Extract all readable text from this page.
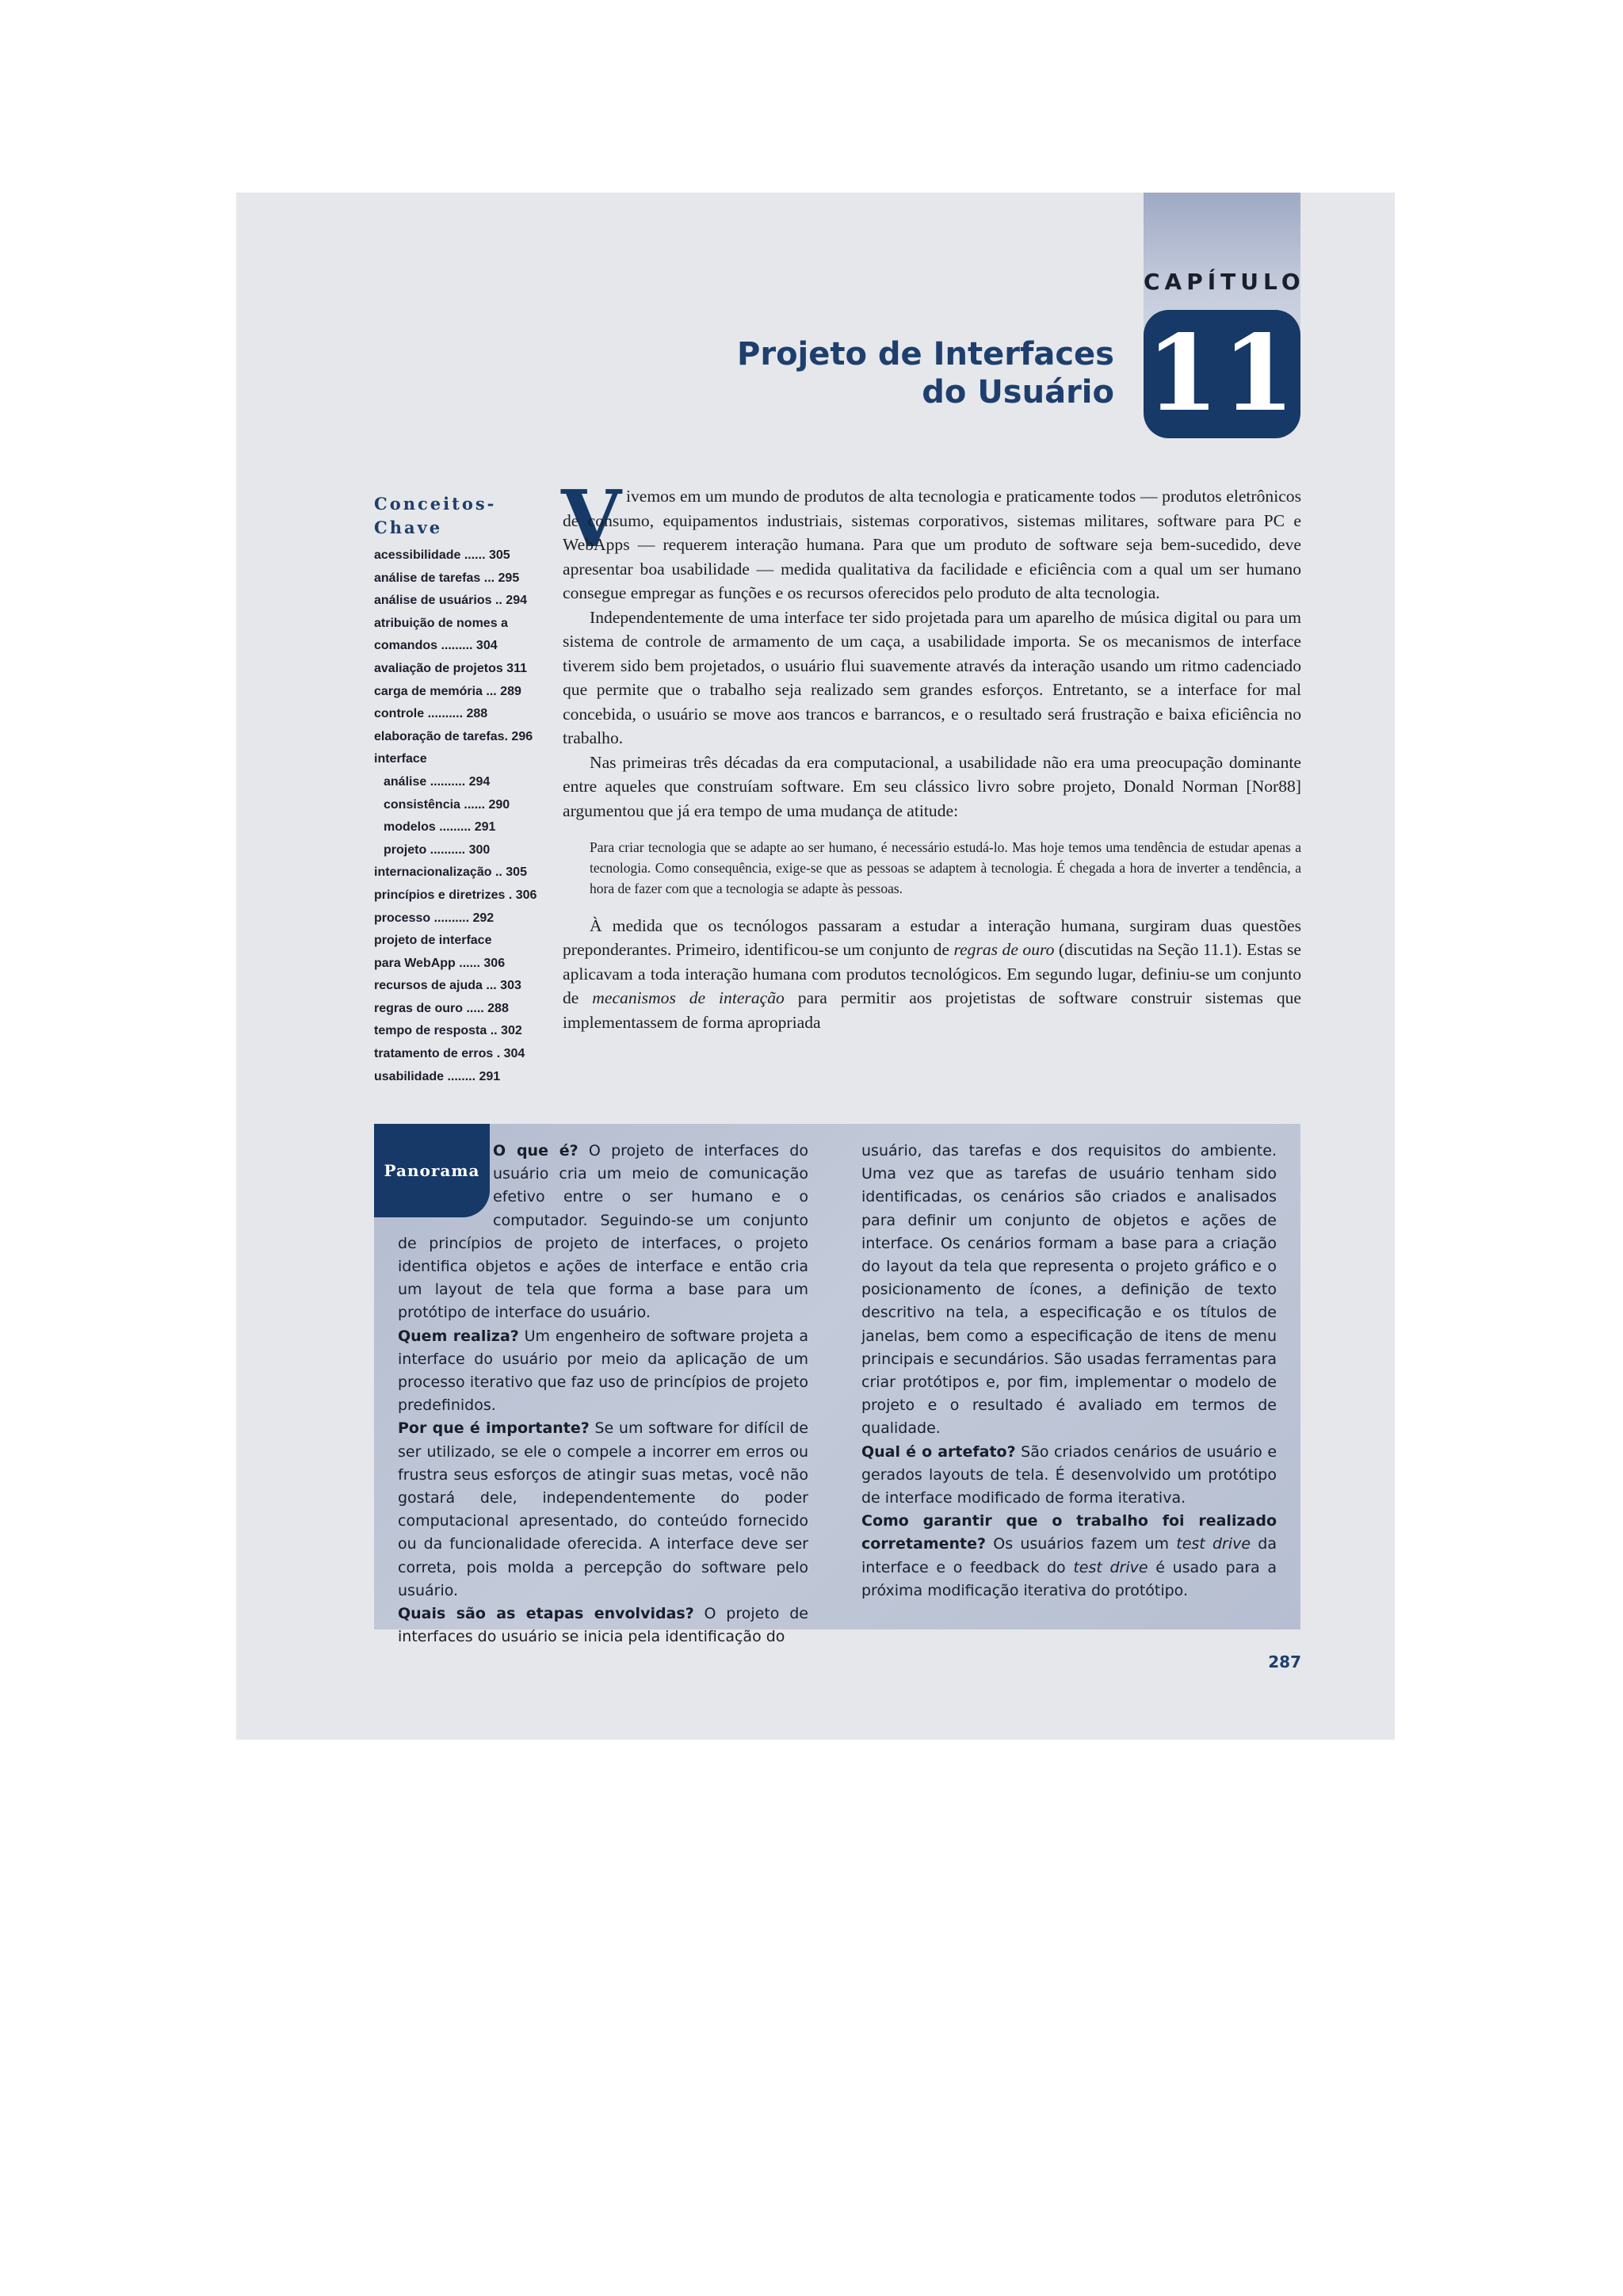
CAPÍTULO
11
Projeto de Interfaces
do Usuário
Conceitos-Chave
acessibilidade ...... 305
análise de tarefas ... 295
análise de usuários .. 294
atribuição de nomes a
comandos ......... 304
avaliação de projetos 311
carga de memória ... 289
controle .......... 288
elaboração de tarefas. 296
interface
análise .......... 294
consistência ...... 290
modelos ......... 291
projeto .......... 300
internacionalização .. 305
princípios e diretrizes . 306
processo .......... 292
projeto de interface
para WebApp ...... 306
recursos de ajuda ... 303
regras de ouro ..... 288
tempo de resposta .. 302
tratamento de erros . 304
usabilidade ........ 291
V ivemos em um mundo de produtos de alta tecnologia e praticamente todos — produtos eletrônicos de consumo, equipamentos industriais, sistemas corporativos, sistemas militares, software para PC e WebApps — requerem interação humana. Para que um produto de software seja bem-sucedido, deve apresentar boa usabilidade — medida qualitativa da facilidade e eficiência com a qual um ser humano consegue empregar as funções e os recursos oferecidos pelo produto de alta tecnologia.

Independentemente de uma interface ter sido projetada para um aparelho de música digital ou para um sistema de controle de armamento de um caça, a usabilidade importa. Se os mecanismos de interface tiverem sido bem projetados, o usuário flui suavemente através da interação usando um ritmo cadenciado que permite que o trabalho seja realizado sem grandes esforços. Entretanto, se a interface for mal concebida, o usuário se move aos trancos e barrancos, e o resultado será frustração e baixa eficiência no trabalho.

Nas primeiras três décadas da era computacional, a usabilidade não era uma preocupação dominante entre aqueles que construíam software. Em seu clássico livro sobre projeto, Donald Norman [Nor88] argumentou que já era tempo de uma mudança de atitude:

Para criar tecnologia que se adapte ao ser humano, é necessário estudá-lo. Mas hoje temos uma tendência de estudar apenas a tecnologia. Como consequência, exige-se que as pessoas se adaptem à tecnologia. É chegada a hora de inverter a tendência, a hora de fazer com que a tecnologia se adapte às pessoas.

À medida que os tecnólogos passaram a estudar a interação humana, surgiram duas questões preponderantes. Primeiro, identificou-se um conjunto de regras de ouro (discutidas na Seção 11.1). Estas se aplicavam a toda interação humana com produtos tecnológicos. Em segundo lugar, definiu-se um conjunto de mecanismos de interação para permitir aos projetistas de software construir sistemas que implementassem de forma apropriada

Panorama

O que é? O projeto de interfaces do usuário cria um meio de comunicação efetivo entre o ser humano e o computador. Seguindo-se um conjunto de princípios de projeto de interfaces, o projeto identifica objetos e ações de interface e então cria um layout de tela que forma a base para um protótipo de interface do usuário.

Quem realiza? Um engenheiro de software projeta a interface do usuário por meio da aplicação de um processo iterativo que faz uso de princípios de projeto predefinidos.

Por que é importante? Se um software for difícil de ser utilizado, se ele o compele a incorrer em erros ou frustra seus esforços de atingir suas metas, você não gostará dele, independentemente do poder computacional apresentado, do conteúdo fornecido ou da funcionalidade oferecida. A interface deve ser correta, pois molda a percepção do software pelo usuário.

Quais são as etapas envolvidas? O projeto de interfaces do usuário se inicia pela identificação do

usuário, das tarefas e dos requisitos do ambiente. Uma vez que as tarefas de usuário tenham sido identificadas, os cenários são criados e analisados para definir um conjunto de objetos e ações de interface. Os cenários formam a base para a criação do layout da tela que representa o projeto gráfico e o posicionamento de ícones, a definição de texto descritivo na tela, a especificação e os títulos de janelas, bem como a especificação de itens de menu principais e secundários. São usadas ferramentas para criar protótipos e, por fim, implementar o modelo de projeto e o resultado é avaliado em termos de qualidade.

Qual é o artefato? São criados cenários de usuário e gerados layouts de tela. É desenvolvido um protótipo de interface modificado de forma iterativa.

Como garantir que o trabalho foi realizado corretamente? Os usuários fazem um test drive da interface e o feedback do test drive é usado para a próxima modificação iterativa do protótipo.

287
